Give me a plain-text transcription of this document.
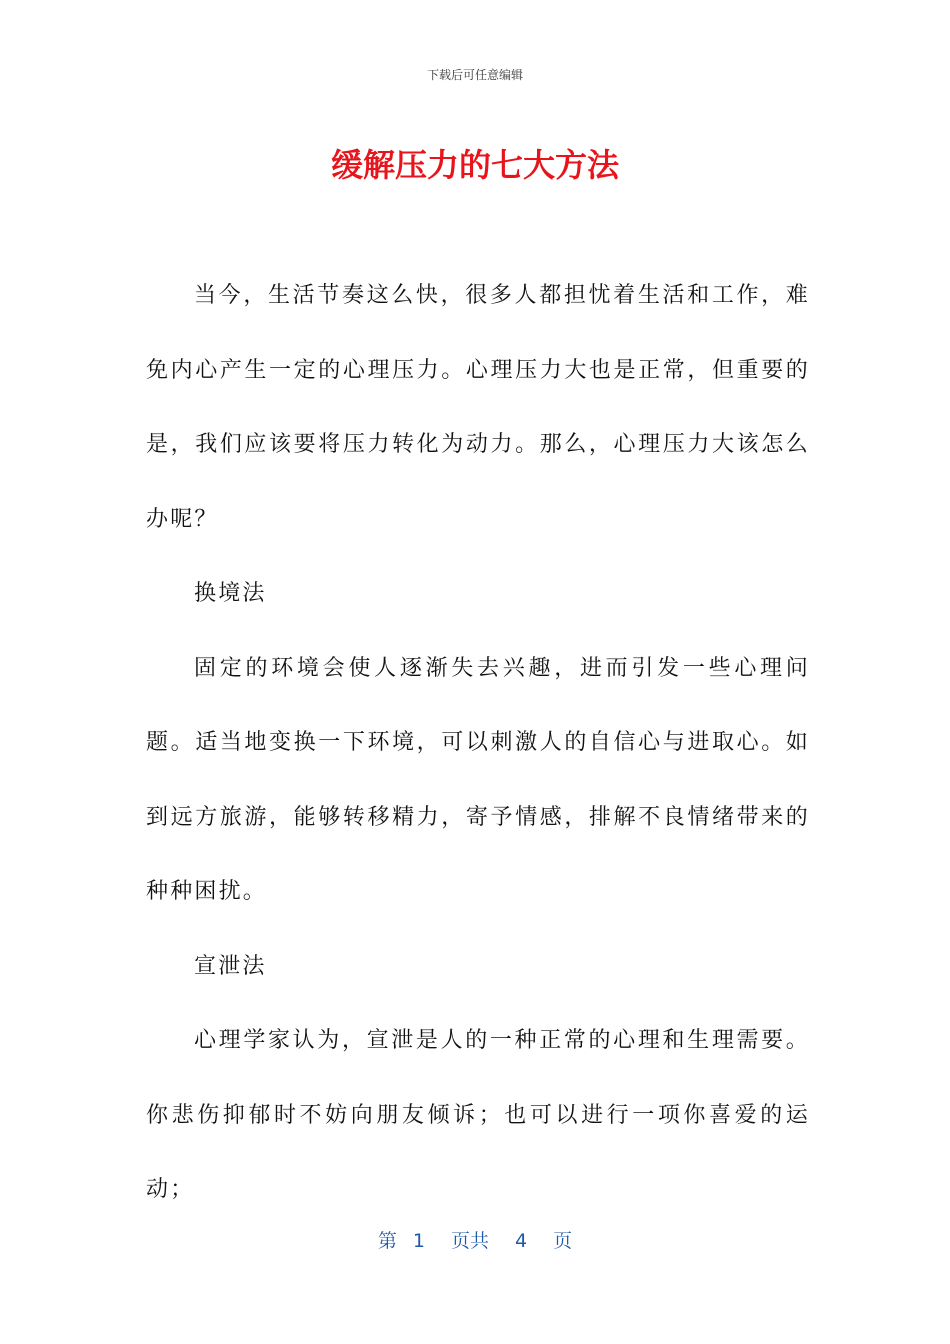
下载后可任意编辑
缓解压力的七大方法

当今，生活节奏这么快，很多人都担忧着生活和工作，难免内心产生一定的心理压力。心理压力大也是正常，但重要的是，我们应该要将压力转化为动力。那么，心理压力大该怎么办呢？

换境法

固定的环境会使人逐渐失去兴趣，进而引发一些心理问题。适当地变换一下环境，可以刺激人的自信心与进取心。如到远方旅游，能够转移精力，寄予情感，排解不良情绪带来的种种困扰。

宣泄法

心理学家认为，宣泄是人的一种正常的心理和生理需要。你悲伤抑郁时不妨向朋友倾诉；也可以进行一项你喜爱的运动；

第 1 页共 4 页
